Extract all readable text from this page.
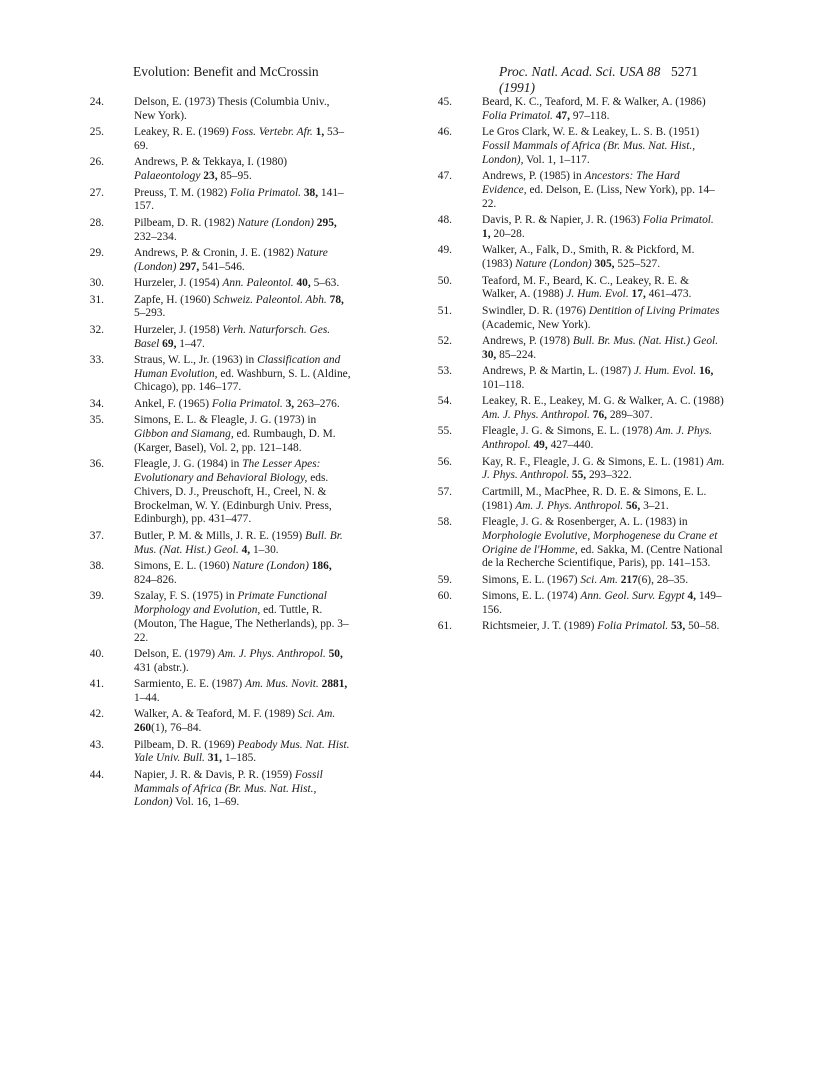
Evolution: Benefit and McCrossin	Proc. Natl. Acad. Sci. USA 88 (1991)
5271

24.	Delson, E. (1973) Thesis (Columbia Univ., New York).

25.	Leakey, R. E. (1969) Foss. Vertebr. Afr. 1, 53–69.

26.	Andrews, P. & Tekkaya, I. (1980) Palaeontology 23, 85–95.

27.	Preuss, T. M. (1982) Folia Primatol. 38, 141–157.

28.	Pilbeam, D. R. (1982) Nature (London) 295, 232–234.

29.	Andrews, P. & Cronin, J. E. (1982) Nature (London) 297, 541–546.

30.	Hurzeler, J. (1954) Ann. Paleontol. 40, 5–63.

31.	Zapfe, H. (1960) Schweiz. Paleontol. Abh. 78, 5–293.

32.	Hurzeler, J. (1958) Verh. Naturforsch. Ges. Basel 69, 1–47.

33.	Straus, W. L., Jr. (1963) in Classification and Human Evolution, ed. Washburn, S. L. (Aldine, Chicago), pp. 146–177.

34.	Ankel, F. (1965) Folia Primatol. 3, 263–276.

35.	Simons, E. L. & Fleagle, J. G. (1973) in Gibbon and Siamang, ed. Rumbaugh, D. M. (Karger, Basel), Vol. 2, pp. 121–148.

36.	Fleagle, J. G. (1984) in The Lesser Apes: Evolutionary and Behavioral Biology, eds. Chivers, D. J., Preuschoft, H., Creel, N. & Brockelman, W. Y. (Edinburgh Univ. Press, Edinburgh), pp. 431–477.

37.	Butler, P. M. & Mills, J. R. E. (1959) Bull. Br. Mus. (Nat. Hist.) Geol. 4, 1–30.

38.	Simons, E. L. (1960) Nature (London) 186, 824–826.

39.	Szalay, F. S. (1975) in Primate Functional Morphology and Evolution, ed. Tuttle, R. (Mouton, The Hague, The Netherlands), pp. 3–22.

40.	Delson, E. (1979) Am. J. Phys. Anthropol. 50, 431 (abstr.).

41.	Sarmiento, E. E. (1987) Am. Mus. Novit. 2881, 1–44.

42.	Walker, A. & Teaford, M. F. (1989) Sci. Am. 260(1), 76–84.

43.	Pilbeam, D. R. (1969) Peabody Mus. Nat. Hist. Yale Univ. Bull. 31, 1–185.

44.	Napier, J. R. & Davis, P. R. (1959) Fossil Mammals of Africa (Br. Mus. Nat. Hist., London) Vol. 16, 1–69.

45.	Beard, K. C., Teaford, M. F. & Walker, A. (1986) Folia Primatol. 47, 97–118.

46.	Le Gros Clark, W. E. & Leakey, L. S. B. (1951) Fossil Mammals of Africa (Br. Mus. Nat. Hist., London), Vol. 1, 1–117.

47.	Andrews, P. (1985) in Ancestors: The Hard Evidence, ed. Delson, E. (Liss, New York), pp. 14–22.

48.	Davis, P. R. & Napier, J. R. (1963) Folia Primatol. 1, 20–28.

49.	Walker, A., Falk, D., Smith, R. & Pickford, M. (1983) Nature (London) 305, 525–527.

50.	Teaford, M. F., Beard, K. C., Leakey, R. E. & Walker, A. (1988) J. Hum. Evol. 17, 461–473.

51.	Swindler, D. R. (1976) Dentition of Living Primates (Academic, New York).

52.	Andrews, P. (1978) Bull. Br. Mus. (Nat. Hist.) Geol. 30, 85–224.

53.	Andrews, P. & Martin, L. (1987) J. Hum. Evol. 16, 101–118.

54.	Leakey, R. E., Leakey, M. G. & Walker, A. C. (1988) Am. J. Phys. Anthropol. 76, 289–307.

55.	Fleagle, J. G. & Simons, E. L. (1978) Am. J. Phys. Anthropol. 49, 427–440.

56.	Kay, R. F., Fleagle, J. G. & Simons, E. L. (1981) Am. J. Phys. Anthropol. 55, 293–322.

57.	Cartmill, M., MacPhee, R. D. E. & Simons, E. L. (1981) Am. J. Phys. Anthropol. 56, 3–21.

58.	Fleagle, J. G. & Rosenberger, A. L. (1983) in Morphologie Evolutive, Morphogenese du Crane et Origine de l'Homme, ed. Sakka, M. (Centre National de la Recherche Scientifique, Paris), pp. 141–153.

59.	Simons, E. L. (1967) Sci. Am. 217(6), 28–35.

60.	Simons, E. L. (1974) Ann. Geol. Surv. Egypt 4, 149–156.

61.	Richtsmeier, J. T. (1989) Folia Primatol. 53, 50–58.
